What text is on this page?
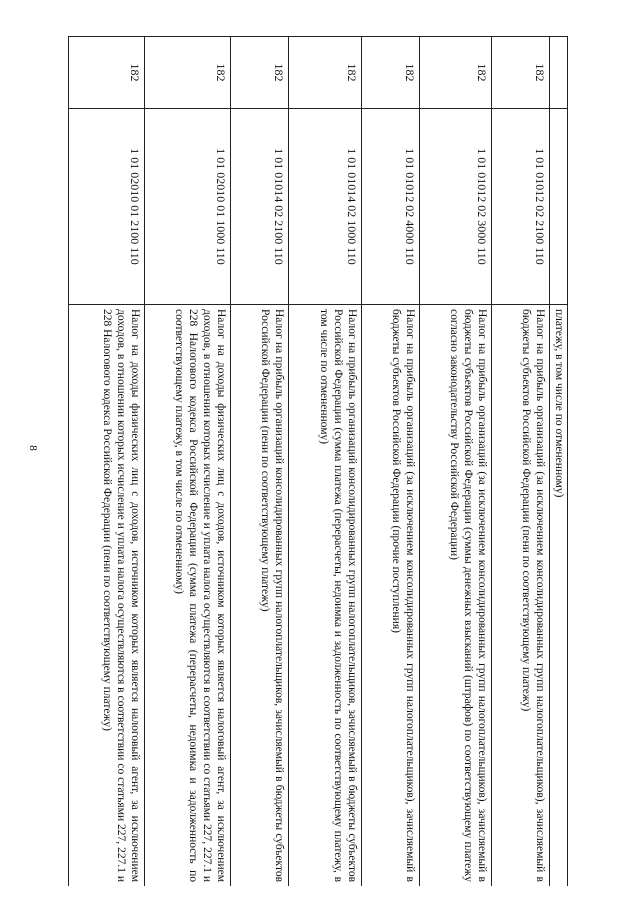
8
			платежу, в том числе по отмененному)
182	1 01 01012 02 2100 110	Налог на прибыль организаций (за исключением консолидированных групп налогоплательщиков), зачисляемый в бюджеты субъектов Российской Федерации (пени по соответствующему платежу)
182	1 01 01012 02 3000 110	Налог на прибыль организаций (за исключением консолидированных групп налогоплательщиков), зачисляемый в бюджеты субъектов Российской Федерации (суммы денежных взысканий (штрафов) по соответствующему платежу согласно законодательству Российской Федерации)
182	1 01 01012 02 4000 110	Налог на прибыль организаций (за исключением консолидированных групп налогоплательщиков), зачисляемый в бюджеты субъектов Российской Федерации (прочие поступления)
182	1 01 01014 02 1000 110	Налог на прибыль организаций консолидированных групп налогоплательщиков, зачисляемый в бюджеты субъектов Российской Федерации (сумма платежа (перерасчеты, недоимка и задолженность по соответствующему платежу, в том числе по отмененному)
182	1 01 01014 02 2100 110	Налог на прибыль организаций консолидированных групп налогоплательщиков, зачисляемый в бюджеты субъектов Российской Федерации (пени по соответствующему платежу)
182	1 01 02010 01 1000 110	Налог на доходы физических лиц с доходов, источником которых является налоговый агент, за исключением доходов, в отношении которых исчисление и уплата налога осуществляются в соответствии со статьями 227, 227.1 и 228 Налогового кодекса Российской Федерации (сумма платежа (перерасчеты, недоимка и задолженность по соответствующему платежу, в том числе по отмененному)
182	1 01 02010 01 2100 110	Налог на доходы физических лиц с доходов, источником которых является налоговый агент, за исключением доходов, в отношении которых исчисление и уплата налога осуществляются в соответствии со статьями 227, 227.1 и 228 Налогового кодекса Российской Федерации (пени по соответствующему платежу)
